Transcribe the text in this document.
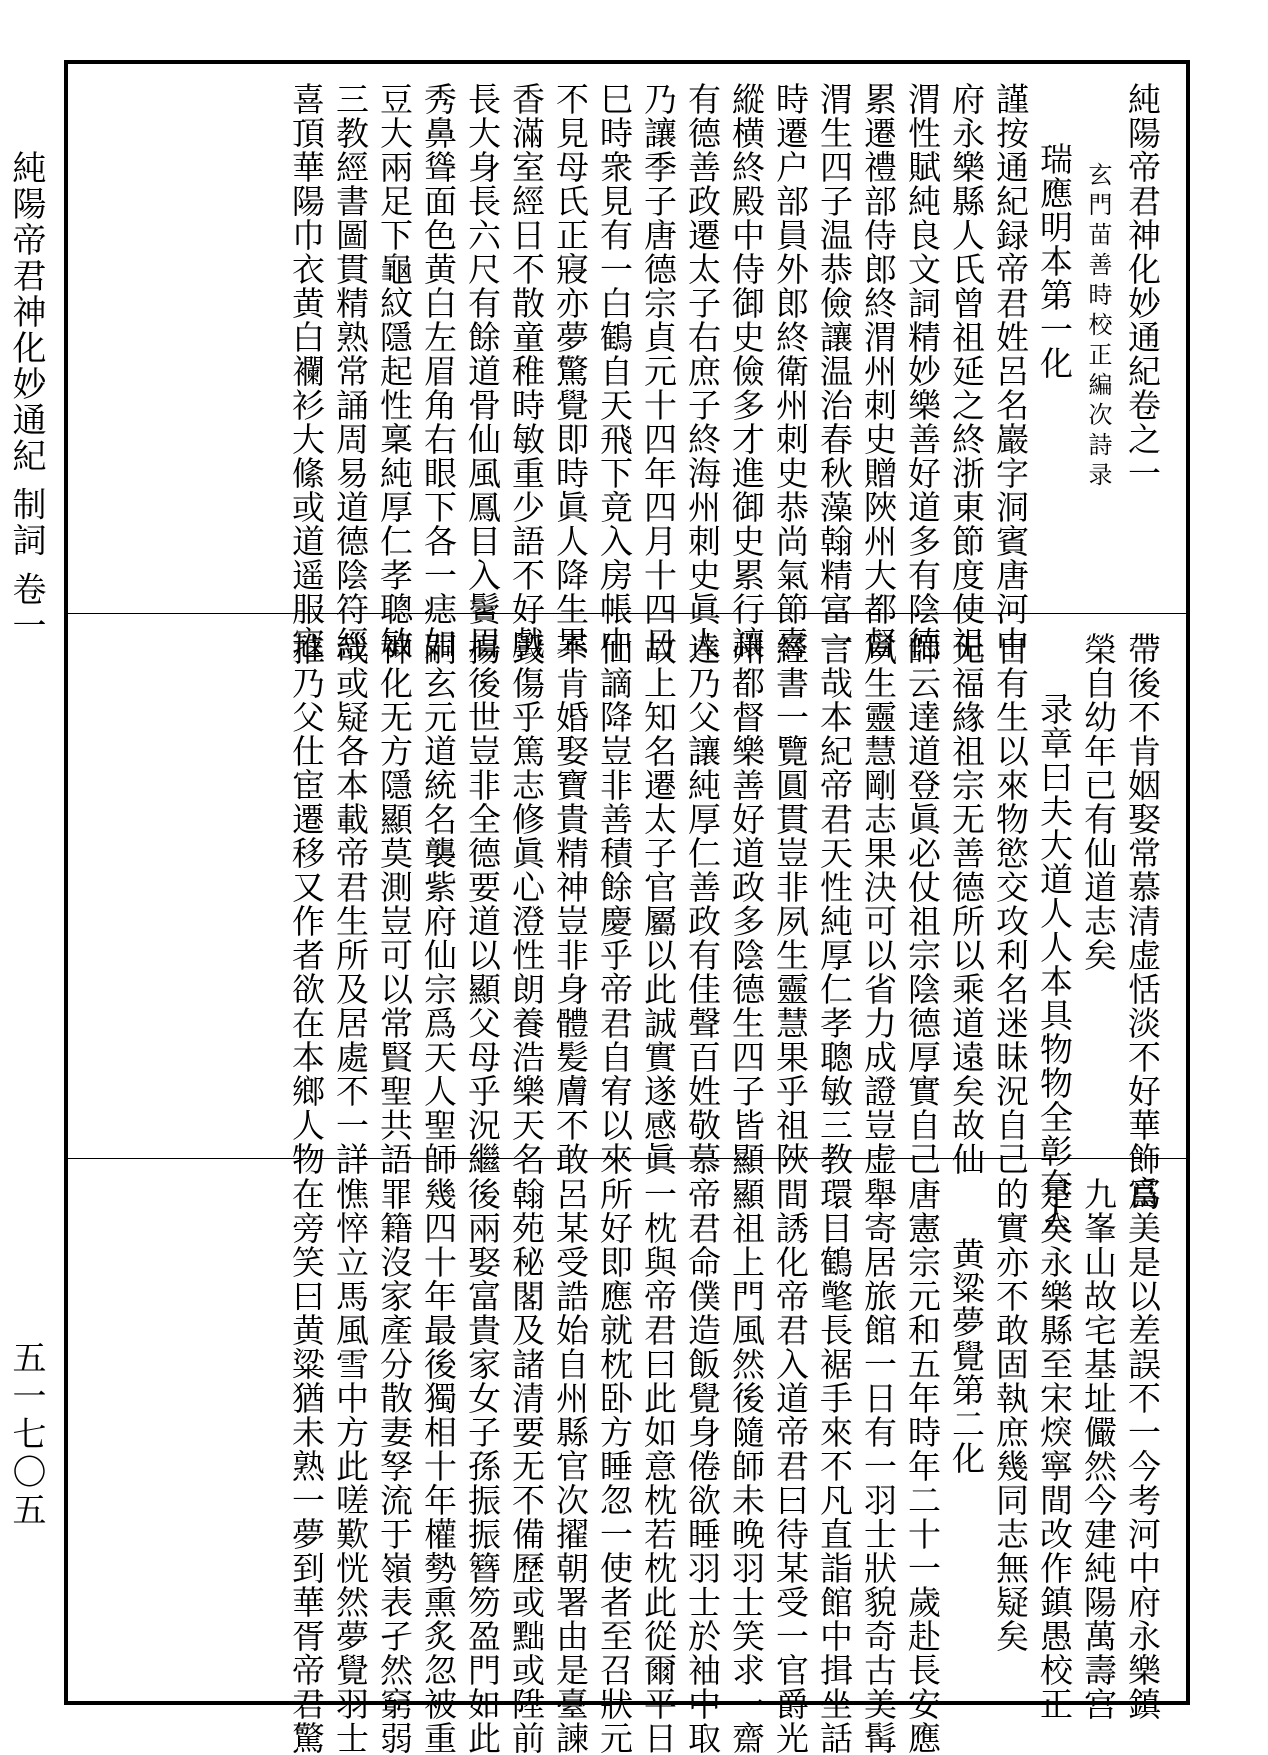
純陽帝君神化妙通紀 制詞 卷一
五一七〇五
純陽帝君神化妙通紀卷之一
玄門苗善時校正編次詩录
瑞應明本第一化
謹按通紀録帝君姓呂名巖字洞賓唐河中
府永樂縣人氏曾祖延之終浙東節度使祖
渭性賦純良文詞精妙樂善好道多有陰德
累遷禮部侍郎終渭州刺史贈陜州大都督
渭生四子温恭儉讓温治春秋藻翰精富一
時遷户部員外郎終衛州刺史恭尚氣節喜
縱横終殿中侍御史儉多才進御史累行讓
有德善政遷太子右庶子終海州刺史眞人
乃讓季子唐德宗貞元十四年四月十四日
巳時衆見有一白鶴自天飛下竟入房帳中
不見母氏正寢亦夢驚覺即時眞人降生異
香滿室經日不散童稚時敏重少語不好戲
長大身長六尺有餘道骨仙風鳳目入鬢眉
秀鼻聳面色黄白左眉角右眼下各一痣如
豆大兩足下龜紋隱起性稟純厚仁孝聰敏
三教經書圖貫精熟常誦周易道德陰符經
喜頂華陽巾衣黄白襴衫大絛或道遥服寇
帶後不肯姻娶常慕清虚恬淡不好華飾富
榮自幼年已有仙道志矣
录章曰夫大道人人本具物物全彰奈人
自有生以來物慾交攻利名迷昧況自己
无福緣祖宗无善德所以乘道遠矣故仙
師云達道登眞必仗祖宗陰德厚實自己
夙生靈慧剛志果決可以省力成證豈虚
言哉本紀帝君天性純厚仁孝聰敏三教
經書一覽圓貫豈非夙生靈慧果乎祖陜
州都督樂善好道政多陰德生四子皆顯
達乃父讓純厚仁善政有佳聲百姓敬慕
故上知名遷太子官屬以此誠實遂感眞
仙謫降豈非善積餘慶乎帝君自宥以來
不肯婚娶寶貴精神豈非身體髪膚不敢
毁傷乎篤志修眞心澄性朗養浩樂天名
揚後世豈非全德要道以顯父母乎況繼
嗣玄元道統名襲紫府仙宗爲天人聖師
神化无方隱顯莫測豈可以常賢聖共語
哉或疑各本載帝君生所及居處不一詳
推乃父仕宦遷移又作者欲在本鄉人物
爲美是以差誤不一今考河中府永樂鎮
九峯山故宅基址儼然今建純陽萬壽宫
是矣永樂縣至宋㷝寧間改作鎮愚校正
的實亦不敢固執庶幾同志無疑矣
黄粱夢覺第二化
唐憲宗元和五年時年二十一歲赴長安應
舉寄居旅館一日有一羽士狀貌奇古美髯
環目鶴氅長裾手來不凡直詣館中揖坐話
間誘化帝君入道帝君曰待某受一官爵光
顯祖上門風然後隨師未晚羽士笑求一齋
帝君命僕造飯覺身倦欲睡羽士於袖中取
一枕與帝君曰此如意枕若枕此從爾平日
所好即應就枕卧方睡忽一使者至召狀元
呂某受誥始自州縣官次擢朝署由是臺諫
翰苑秘閣及諸清要无不備歷或黜或陞前
後兩娶富貴家女子孫振振簪笏盈門如此
幾四十年最後獨相十年權勢熏炙忽被重
罪籍沒家產分散妻孥流于嶺表孑然窮弱
憔悴立馬風雪中方此嗟歎恍然夢覺羽士
在旁笑曰黄粱猶未熟一夢到華胥帝君驚
